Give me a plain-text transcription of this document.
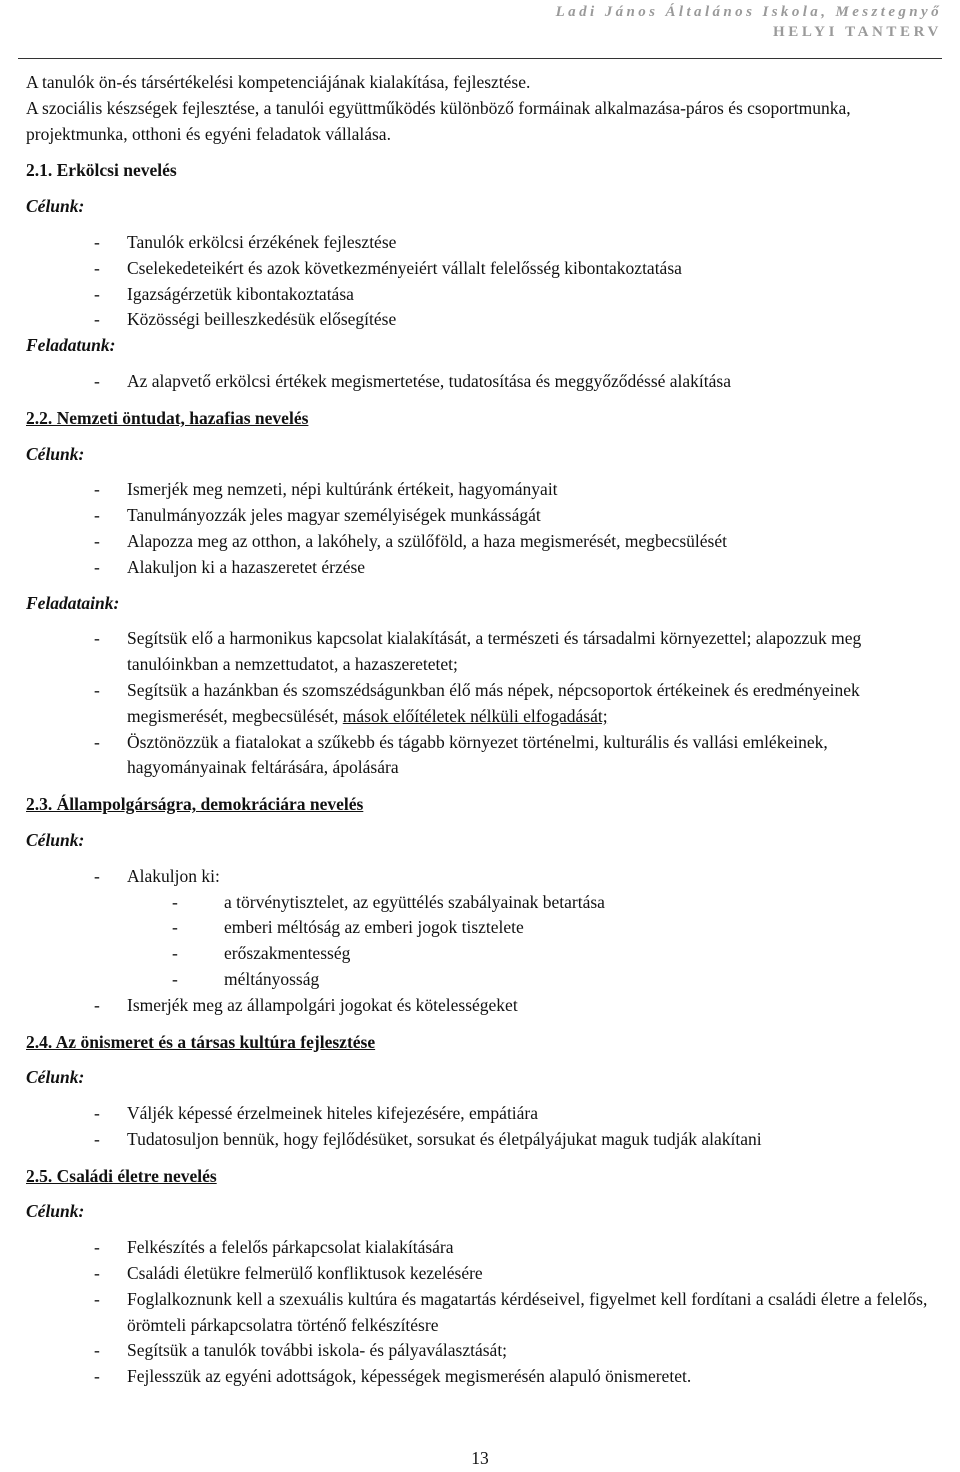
Ladi János Általános Iskola, Mesztegnyő
HELYI TANTERV

A tanulók ön-és társértékelési kompetenciájának kialakítása, fejlesztése.

A szociális készségek fejlesztése, a tanulói együttműködés különböző formáinak alkalmazása-páros és csoportmunka, projektmunka, otthoni és egyéni feladatok vállalása.

2.1. Erkölcsi nevelés

Célunk:

- Tanulók erkölcsi érzékének fejlesztése
- Cselekedeteikért és azok következményeiért vállalt felelősség kibontakoztatása
- Igazságérzetük kibontakoztatása
- Közösségi beilleszkedésük elősegítése

Feladatunk:

- Az alapvető erkölcsi értékek megismertetése, tudatosítása és meggyőződéssé alakítása

2.2. Nemzeti öntudat, hazafias nevelés

Célunk:

- Ismerjék meg nemzeti, népi kultúránk értékeit, hagyományait
- Tanulmányozzák jeles magyar személyiségek munkásságát
- Alapozza meg az otthon, a lakóhely, a szülőföld, a haza megismerését, megbecsülését
- Alakuljon ki a hazaszeretet érzése

Feladataink:

- Segítsük elő a harmonikus kapcsolat kialakítását, a természeti és társadalmi környezettel; alapozzuk meg tanulóinkban a nemzettudatot, a hazaszeretetet;
- Segítsük a hazánkban és szomszédságunkban élő más népek, népcsoportok értékeinek és eredményeinek megismerését, megbecsülését, mások előítéletek nélküli elfogadását;
- Ösztönözzük a fiatalokat a szűkebb és tágabb környezet történelmi, kulturális és vallási emlékeinek, hagyományainak feltárására, ápolására

2.3. Állampolgárságra, demokráciára nevelés

Célunk:

- Alakuljon ki:
- a törvénytisztelet, az együttélés szabályainak betartása
- emberi méltóság az emberi jogok tisztelete
- erőszakmentesség
- méltányosság
- Ismerjék meg az állampolgári jogokat és kötelességeket

2.4. Az önismeret és a társas kultúra fejlesztése

Célunk:

- Váljék képessé érzelmeinek hiteles kifejezésére, empátiára
- Tudatosuljon bennük, hogy fejlődésüket, sorsukat és életpályájukat maguk tudják alakítani

2.5. Családi életre nevelés

Célunk:

- Felkészítés a felelős párkapcsolat kialakítására
- Családi életükre felmerülő konfliktusok kezelésére
- Foglalkoznunk kell a szexuális kultúra és magatartás kérdéseivel, figyelmet kell fordítani a családi életre a felelős, örömteli párkapcsolatra történő felkészítésre
- Segítsük a tanulók további iskola- és pályaválasztását;
- Fejlesszük az egyéni adottságok, képességek megismerésén alapuló önismeretet.
13
